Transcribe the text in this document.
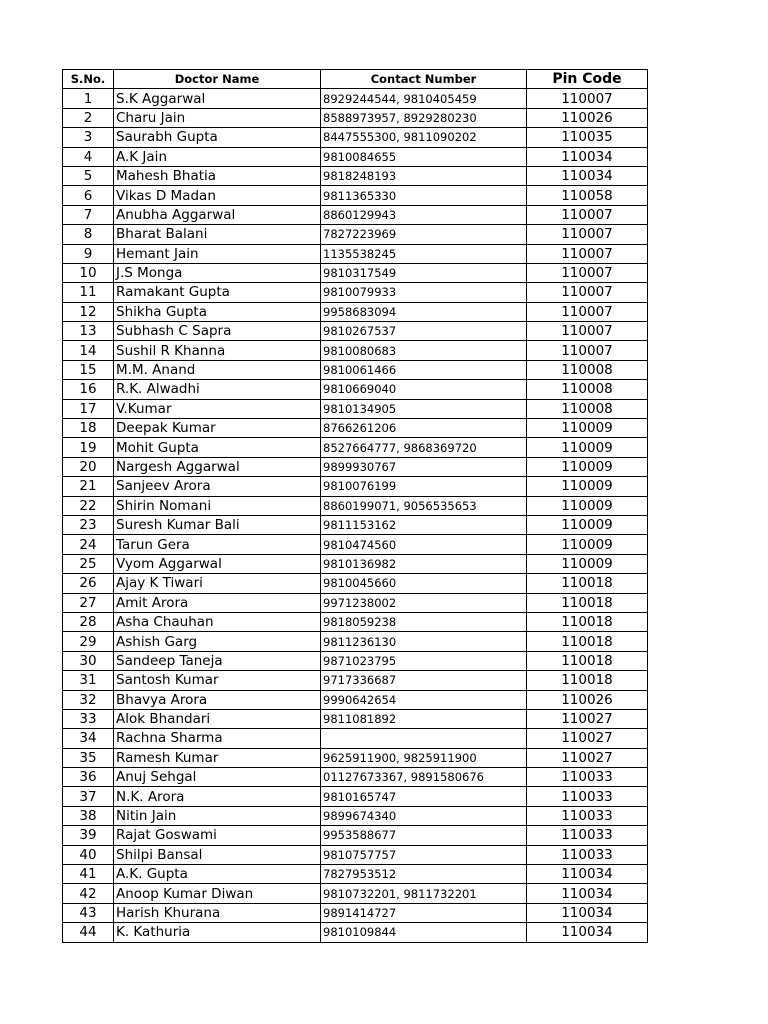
S.No.	Doctor Name	Contact Number	Pin Code
1	S.K Aggarwal	8929244544, 9810405459	110007
2	Charu Jain	8588973957, 8929280230	110026
3	Saurabh Gupta	8447555300, 9811090202	110035
4	A.K Jain	9810084655	110034
5	Mahesh Bhatia	9818248193	110034
6	Vikas D Madan	9811365330	110058
7	Anubha Aggarwal	8860129943	110007
8	Bharat Balani	7827223969	110007
9	Hemant Jain	1135538245	110007
10	J.S Monga	9810317549	110007
11	Ramakant Gupta	9810079933	110007
12	Shikha Gupta	9958683094	110007
13	Subhash C Sapra	9810267537	110007
14	Sushil R Khanna	9810080683	110007
15	M.M. Anand	9810061466	110008
16	R.K. Alwadhi	9810669040	110008
17	V.Kumar	9810134905	110008
18	Deepak Kumar	8766261206	110009
19	Mohit Gupta	8527664777, 9868369720	110009
20	Nargesh Aggarwal	9899930767	110009
21	Sanjeev Arora	9810076199	110009
22	Shirin Nomani	8860199071, 9056535653	110009
23	Suresh Kumar Bali	9811153162	110009
24	Tarun Gera	9810474560	110009
25	Vyom Aggarwal	9810136982	110009
26	Ajay K Tiwari	9810045660	110018
27	Amit Arora	9971238002	110018
28	Asha Chauhan	9818059238	110018
29	Ashish Garg	9811236130	110018
30	Sandeep Taneja	9871023795	110018
31	Santosh Kumar	9717336687	110018
32	Bhavya Arora	9990642654	110026
33	Alok Bhandari	9811081892	110027
34	Rachna Sharma		110027
35	Ramesh Kumar	9625911900, 9825911900	110027
36	Anuj Sehgal	01127673367, 9891580676	110033
37	N.K. Arora	9810165747	110033
38	Nitin Jain	9899674340	110033
39	Rajat Goswami	9953588677	110033
40	Shilpi Bansal	9810757757	110033
41	A.K. Gupta	7827953512	110034
42	Anoop Kumar Diwan	9810732201, 9811732201	110034
43	Harish Khurana	9891414727	110034
44	K. Kathuria	9810109844	110034
